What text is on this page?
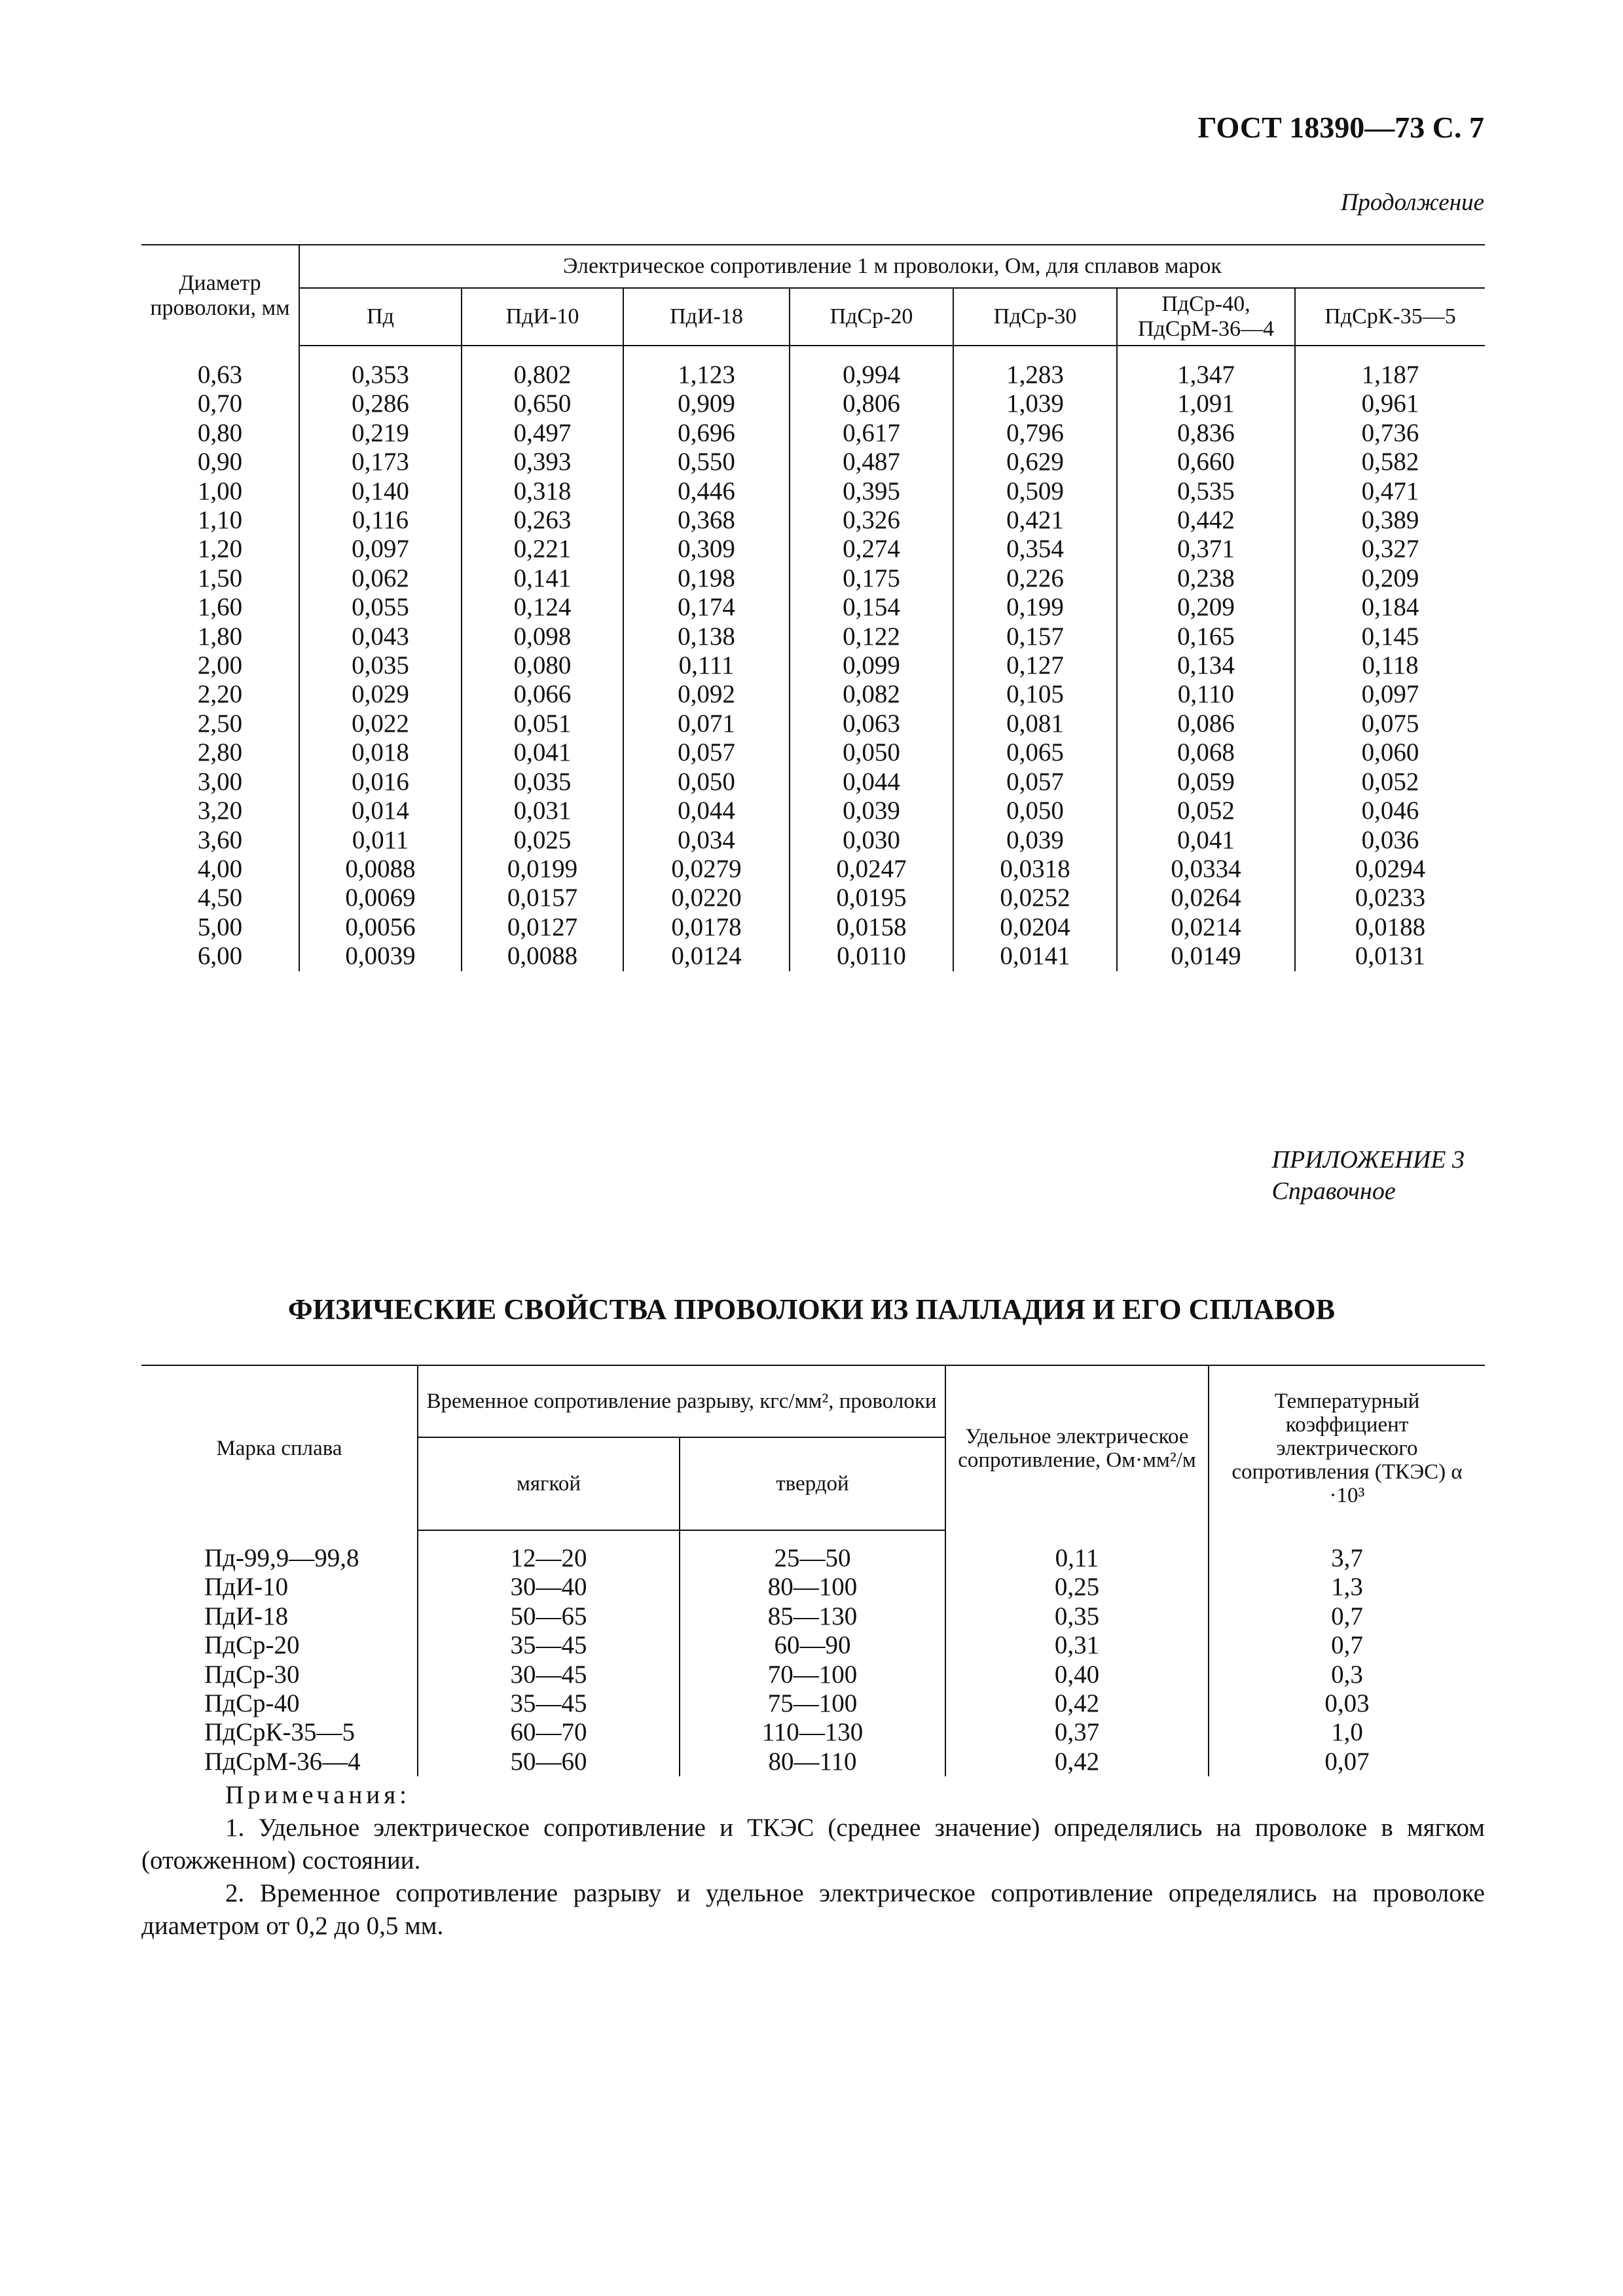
ГОСТ 18390—73 С. 7
Продолжение
Диаметр проволоки, мм	Электрическое сопротивление 1 м проволоки, Ом, для сплавов марок						
	Пд	ПдИ-10	ПдИ-18	ПдСр-20	ПдСр-30	ПдСр-40, ПдСрМ-36—4	ПдСрК-35—5
0,63	0,353	0,802	1,123	0,994	1,283	1,347	1,187
0,70	0,286	0,650	0,909	0,806	1,039	1,091	0,961
0,80	0,219	0,497	0,696	0,617	0,796	0,836	0,736
0,90	0,173	0,393	0,550	0,487	0,629	0,660	0,582
1,00	0,140	0,318	0,446	0,395	0,509	0,535	0,471
1,10	0,116	0,263	0,368	0,326	0,421	0,442	0,389
1,20	0,097	0,221	0,309	0,274	0,354	0,371	0,327
1,50	0,062	0,141	0,198	0,175	0,226	0,238	0,209
1,60	0,055	0,124	0,174	0,154	0,199	0,209	0,184
1,80	0,043	0,098	0,138	0,122	0,157	0,165	0,145
2,00	0,035	0,080	0,111	0,099	0,127	0,134	0,118
2,20	0,029	0,066	0,092	0,082	0,105	0,110	0,097
2,50	0,022	0,051	0,071	0,063	0,081	0,086	0,075
2,80	0,018	0,041	0,057	0,050	0,065	0,068	0,060
3,00	0,016	0,035	0,050	0,044	0,057	0,059	0,052
3,20	0,014	0,031	0,044	0,039	0,050	0,052	0,046
3,60	0,011	0,025	0,034	0,030	0,039	0,041	0,036
4,00	0,0088	0,0199	0,0279	0,0247	0,0318	0,0334	0,0294
4,50	0,0069	0,0157	0,0220	0,0195	0,0252	0,0264	0,0233
5,00	0,0056	0,0127	0,0178	0,0158	0,0204	0,0214	0,0188
6,00	0,0039	0,0088	0,0124	0,0110	0,0141	0,0149	0,0131
ПРИЛОЖЕНИЕ 3
Справочное
ФИЗИЧЕСКИЕ СВОЙСТВА ПРОВОЛОКИ ИЗ ПАЛЛАДИЯ И ЕГО СПЛАВОВ
Марка сплава	Временное сопротивление разрыву, кгс/мм², проволоки		Удельное электрическое сопротивление, Ом·мм²/м	Температурный коэффициент электрического сопротивления (ТКЭС) α ·10³
	мягкой	твердой		
Пд-99,9—99,8	12—20	25—50	0,11	3,7
ПдИ-10	30—40	80—100	0,25	1,3
ПдИ-18	50—65	85—130	0,35	0,7
ПдСр-20	35—45	60—90	0,31	0,7
ПдСр-30	30—45	70—100	0,40	0,3
ПдСр-40	35—45	75—100	0,42	0,03
ПдСрК-35—5	60—70	110—130	0,37	1,0
ПдСрМ-36—4	50—60	80—110	0,42	0,07
Примечания:

1. Удельное электрическое сопротивление и ТКЭС (среднее значение) определялись на проволоке в мягком (отожженном) состоянии.

2. Временное сопротивление разрыву и удельное электрическое сопротивление определялись на проволоке диаметром от 0,2 до 0,5 мм.
